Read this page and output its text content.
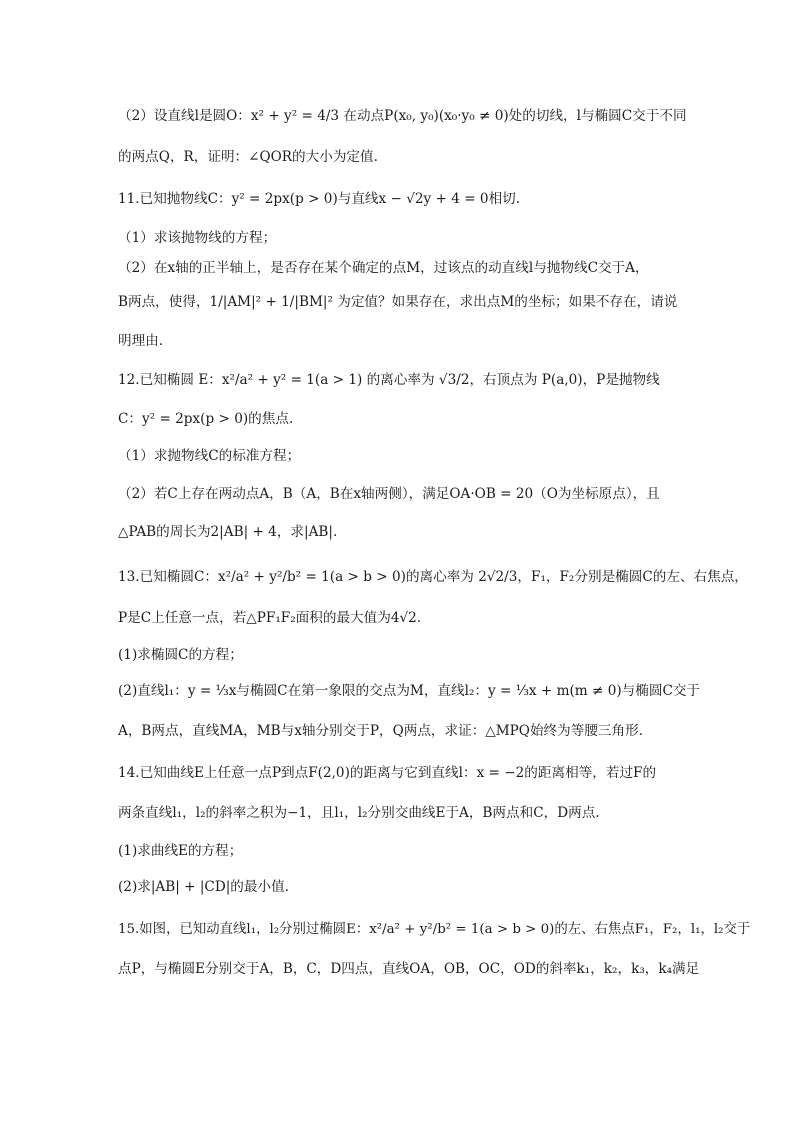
（2）设直线l是圆O：x² + y² = 4/3 在动点P(x₀, y₀)(x₀·y₀ ≠ 0)处的切线，l与椭圆C交于不同
的两点Q，R，证明：∠QOR的大小为定值.
11.已知抛物线C：y² = 2px(p > 0)与直线x − √2y + 4 = 0相切.
（1）求该抛物线的方程；
（2）在x轴的正半轴上，是否存在某个确定的点M，过该点的动直线l与抛物线C交于A，
B两点，使得，1/|AM|² + 1/|BM|² 为定值？如果存在，求出点M的坐标；如果不存在，请说
明理由.
12.已知椭圆 E：x²/a² + y² = 1(a > 1) 的离心率为 √3/2，右顶点为 P(a,0)，P是抛物线
C：y² = 2px(p > 0)的焦点.
（1）求抛物线C的标准方程；
（2）若C上存在两动点A，B（A，B在x轴两侧），满足OA·OB = 20（O为坐标原点），且
△PAB的周长为2|AB| + 4，求|AB|.
13.已知椭圆C：x²/a² + y²/b² = 1(a > b > 0)的离心率为 2√2/3，F₁，F₂分别是椭圆C的左、右焦点，
P是C上任意一点，若△PF₁F₂面积的最大值为4√2.
(1)求椭圆C的方程；
(2)直线l₁：y = ⅓x与椭圆C在第一象限的交点为M，直线l₂：y = ⅓x + m(m ≠ 0)与椭圆C交于
A，B两点，直线MA，MB与x轴分别交于P，Q两点，求证：△MPQ始终为等腰三角形.
14.已知曲线E上任意一点P到点F(2,0)的距离与它到直线l：x = −2的距离相等，若过F的
两条直线l₁，l₂的斜率之积为−1，且l₁，l₂分别交曲线E于A，B两点和C，D两点.
(1)求曲线E的方程；
(2)求|AB| + |CD|的最小值.
15.如图，已知动直线l₁，l₂分别过椭圆E：x²/a² + y²/b² = 1(a > b > 0)的左、右焦点F₁，F₂，l₁，l₂交于
点P，与椭圆E分别交于A，B，C，D四点，直线OA，OB，OC，OD的斜率k₁，k₂，k₃，k₄满足
